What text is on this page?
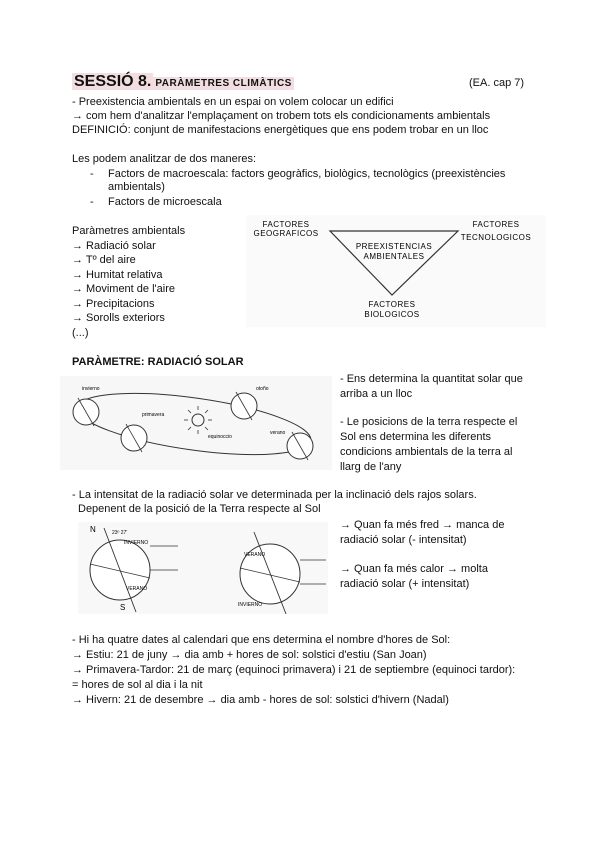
SESSIÓ 8. PARÀMETRES CLIMÀTICS	(EA. cap 7)
- Preexistencia ambientals en un espai on volem colocar un edifici
→ com hem d'analitzar l'emplaçament on trobem tots els condicionaments ambientals
DEFINICIÓ: conjunt de manifestacions energètiques que ens podem trobar en un lloc
Les podem analitzar de dos maneres:
- Factors de macroescala: factors geogràfics, biològics, tecnològics (preexistències
ambientals)
- Factors de microescala
Paràmetres ambientals
→ Radiació solar
→ Tº del aire
→ Humitat relativa
→ Moviment de l'aire
→ Precipitacions
→ Sorolls exteriors
(...)
FACTORES
GEOGRAFICOS
FACTORES
TECNOLOGICOS
PREEXISTENCIAS
AMBIENTALES
FACTORES
BIOLOGICOS
PARÀMETRE: RADIACIÓ SOLAR
invierno
verano
primavera
otoño
equinoccio
- Ens determina la quantitat solar que
arriba a un lloc
- Le posicions de la terra respecte el
Sol ens determina les diferents
condicions ambientals de la terra al
llarg de l'any
- La intensitat de la radiació solar ve determinada per la inclinació dels rajos solars.
Depenent de la posició de la Terra respecte al Sol
N	23º 27'
INVIERNO
VERANO
S
VERANO
INVIERNO
→ Quan fa més fred → manca de
radiació solar (- intensitat)
→ Quan fa més calor → molta
radiació solar (+ intensitat)
- Hi ha quatre dates al calendari que ens determina el nombre d'hores de Sol:
→ Estiu: 21 de juny → dia amb + hores de sol: solstici d'estiu (San Joan)
→ Primavera-Tardor: 21 de març (equinoci primavera) i 21 de septiembre (equinoci tardor):
= hores de sol al dia i la nit
→ Hivern: 21 de desembre → dia amb - hores de sol: solstici d'hivern (Nadal)
